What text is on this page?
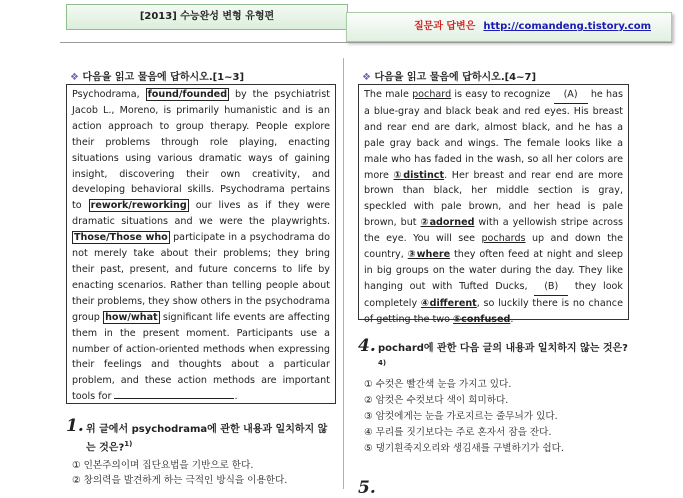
[2013] 수능완성 변형 유형편
질문과 답변은 http://comandeng.tistory.com
❖ 다음을 읽고 물음에 답하시오.[1~3]
Psychodrama, found/founded by the psychiatrist Jacob L., Moreno, is primarily humanistic and is an action approach to group therapy. People explore their problems through role playing, enacting situations using various dramatic ways of gaining insight, discovering their own creativity, and developing behavioral skills. Psychodrama pertains to rework/reworking our lives as if they were dramatic situations and we were the playwrights. Those/Those who participate in a psychodrama do not merely take about their problems; they bring their past, present, and future concerns to life by enacting scenarios. Rather than telling people about their problems, they show others in the psychodrama group how/what significant life events are affecting them in the present moment. Participants use a number of action-oriented methods when expressing their feelings and thoughts about a particular problem, and these action methods are important tools for	.
1. 위 글에서 psychodrama에 관한 내용과 일치하지 않는 것은?$^{1)}$
① 인본주의이며 집단요법을 기반으로 한다.
② 창의력을 발견하게 하는 극적인 방식을 이용한다.
❖ 다음을 읽고 물음에 답하시오.[4~7]
The male pochard is easy to recognize (A) he has a blue-gray and black beak and red eyes. His breast and rear end are dark, almost black, and he has a pale gray back and wings. The female looks like a male who has faded in the wash, so all her colors are more ①distinct. Her breast and rear end are more brown than black, her middle section is gray, speckled with pale brown, and her head is pale brown, but ②adorned with a yellowish stripe across the eye. You will see pochards up and down the country, ③where they often feed at night and sleep in big groups on the water during the day. They like hanging out with Tufted Ducks, (B) they look completely ④different, so luckily there is no chance of getting the two ⑤confused.
4. pochard에 관한 다음 글의 내용과 일치하지 않는 것은?$^{4)}$
① 수컷은 빨간색 눈을 가지고 있다.
② 암컷은 수컷보다 색이 희미하다.
③ 암컷에게는 눈을 가로지르는 줄무늬가 있다.
④ 무리를 짓기보다는 주로 혼자서 잠을 잔다.
⑤ 댕기흰죽지오리와 생김새를 구별하기가 쉽다.
5.
